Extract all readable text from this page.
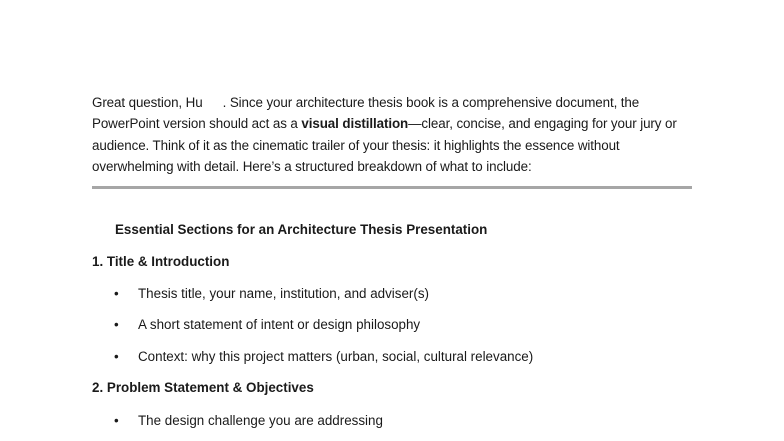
Great question, Hu . Since your architecture thesis book is a comprehensive document, the PowerPoint version should act as a visual distillation—clear, concise, and engaging for your jury or audience. Think of it as the cinematic trailer of your thesis: it highlights the essence without overwhelming with detail. Here’s a structured breakdown of what to include:
Essential Sections for an Architecture Thesis Presentation
1. Title & Introduction
•	Thesis title, your name, institution, and adviser(s)
•	A short statement of intent or design philosophy
•	Context: why this project matters (urban, social, cultural relevance)
2. Problem Statement & Objectives
•	The design challenge you are addressing
